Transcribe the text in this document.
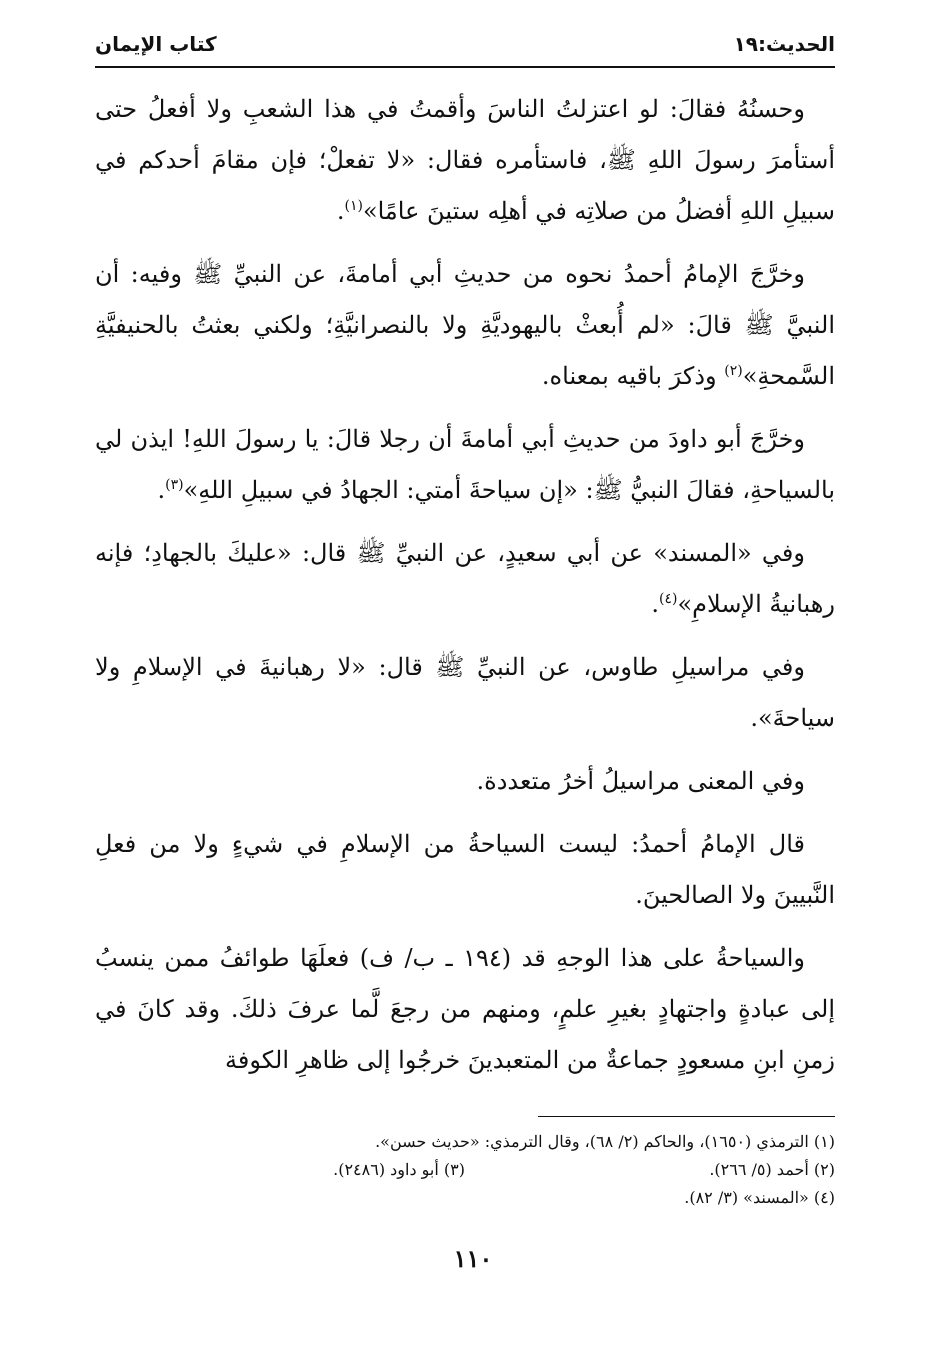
الحديث:١٩
كتاب الإيمان

وحسنُهُ فقالَ: لو اعتزلتُ الناسَ وأقمتُ في هذا الشعبِ ولا أفعلُ حتى أستأمرَ رسولَ اللهِ ﷺ، فاستأمره فقال: «لا تفعلْ؛ فإن مقامَ أحدكم في سبيلِ اللهِ أفضلُ من صلاتِه في أهلِه ستينَ عامًا»$^{(١)}$.

وخرَّجَ الإمامُ أحمدُ نحوه من حديثِ أبي أمامةَ، عن النبيِّ ﷺ وفيه: أن النبيَّ ﷺ قالَ: «لم أُبعثْ باليهوديَّةِ ولا بالنصرانيَّةِ؛ ولكني بعثتُ بالحنيفيَّةِ السَّمحةِ»$^{(٢)}$ وذكرَ باقيه بمعناه.

وخرَّجَ أبو داودَ من حديثِ أبي أمامةَ أن رجلا قالَ: يا رسولَ اللهِ! ايذن لي بالسياحةِ، فقالَ النبيُّ ﷺ: «إن سياحةَ أمتي: الجهادُ في سبيلِ اللهِ»$^{(٣)}$.

وفي «المسند» عن أبي سعيدٍ، عن النبيِّ ﷺ قال: «عليكَ بالجهادِ؛ فإنه رهبانيةُ الإسلامِ»$^{(٤)}$.

وفي مراسيلِ طاوس، عن النبيِّ ﷺ قال: «لا رهبانيةَ في الإسلامِ ولا سياحةَ».

وفي المعنى مراسيلُ أخرُ متعددة.

قال الإمامُ أحمدُ: ليست السياحةُ من الإسلامِ في شيءٍ ولا من فعلِ النَّبيينَ ولا الصالحينَ.

والسياحةُ على هذا الوجهِ قد (١٩٤ ـ ب/ ف) فعلَهَا طوائفُ ممن ينسبُ إلى عبادةٍ واجتهادٍ بغيرِ علمٍ، ومنهم من رجعَ لَّما عرفَ ذلكَ. وقد كانَ في زمنِ ابنِ مسعودٍ جماعةٌ من المتعبدينَ خرجُوا إلى ظاهرِ الكوفة

(١) الترمذي (١٦٥٠)، والحاكم (٢/ ٦٨)، وقال الترمذي: «حديث حسن».

(٢) أحمد (٥/ ٢٦٦).

(٣) أبو داود (٢٤٨٦).

(٤) «المسند» (٣/ ٨٢).

١١٠
